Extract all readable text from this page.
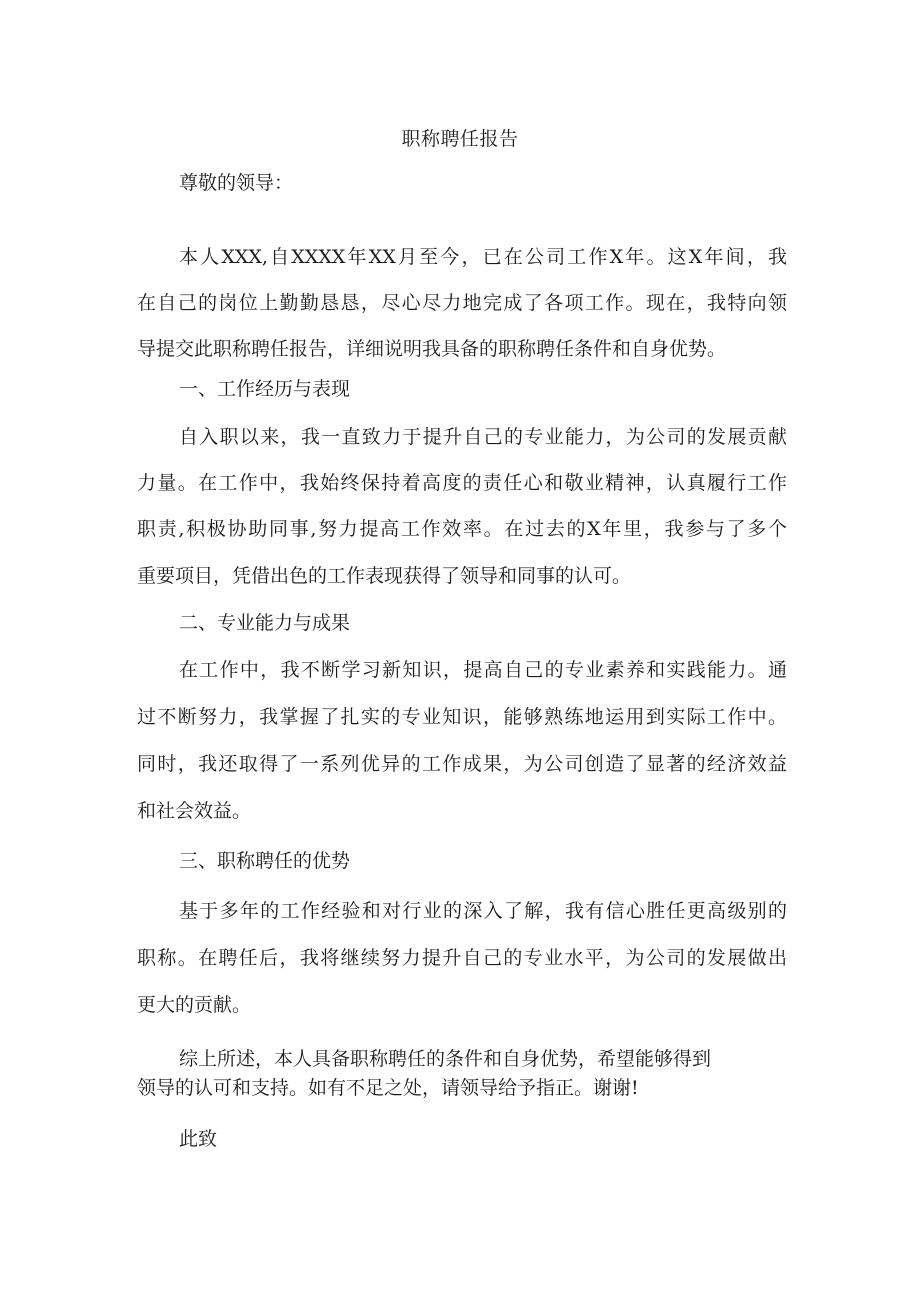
职称聘任报告
尊敬的领导：
本人XXX,自XXXX年XX月至今，已在公司工作X年。这X年间，我
在自己的岗位上勤勤恳恳，尽心尽力地完成了各项工作。现在，我特向领
导提交此职称聘任报告，详细说明我具备的职称聘任条件和自身优势。
一、工作经历与表现
自入职以来，我一直致力于提升自己的专业能力，为公司的发展贡献
力量。在工作中，我始终保持着高度的责任心和敬业精神，认真履行工作
职责,积极协助同事,努力提高工作效率。在过去的X年里，我参与了多个
重要项目，凭借出色的工作表现获得了领导和同事的认可。
二、专业能力与成果
在工作中，我不断学习新知识，提高自己的专业素养和实践能力。通
过不断努力，我掌握了扎实的专业知识，能够熟练地运用到实际工作中。
同时，我还取得了一系列优异的工作成果，为公司创造了显著的经济效益
和社会效益。
三、职称聘任的优势
基于多年的工作经验和对行业的深入了解，我有信心胜任更高级别的
职称。在聘任后，我将继续努力提升自己的专业水平，为公司的发展做出
更大的贡献。
综上所述，本人具备职称聘任的条件和自身优势，希望能够得到
领导的认可和支持。如有不足之处，请领导给予指正。谢谢!
此致
